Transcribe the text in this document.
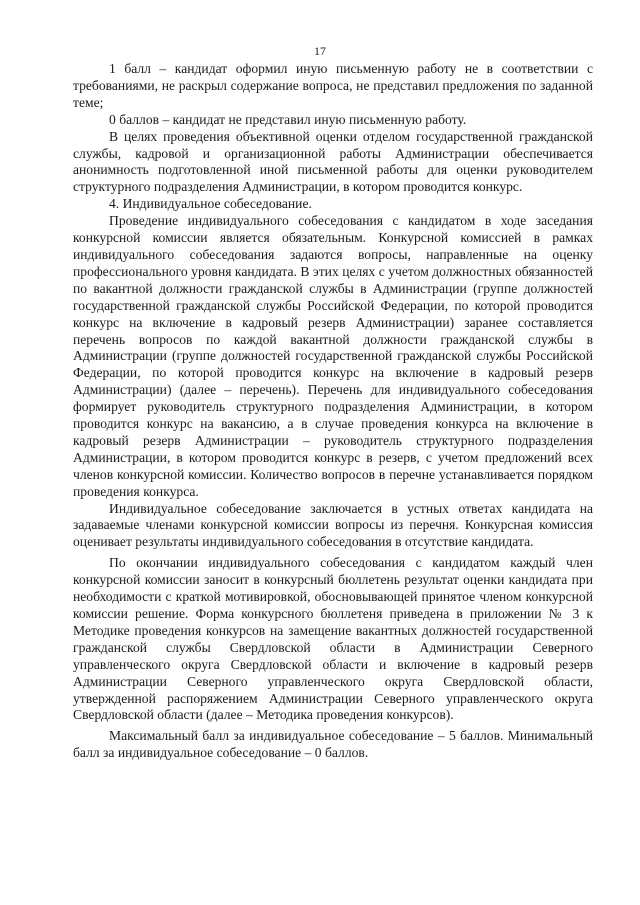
17

1 балл – кандидат оформил иную письменную работу не в соответствии с требованиями, не раскрыл содержание вопроса, не представил предложения по заданной теме;

0 баллов – кандидат не представил иную письменную работу.

В целях проведения объективной оценки отделом государственной гражданской службы, кадровой и организационной работы Администрации обеспечивается анонимность подготовленной иной письменной работы для оценки руководителем структурного подразделения Администрации, в котором проводится конкурс.

4. Индивидуальное собеседование.

Проведение индивидуального собеседования с кандидатом в ходе заседания конкурсной комиссии является обязательным. Конкурсной комиссией в рамках индивидуального собеседования задаются вопросы, направленные на оценку профессионального уровня кандидата. В этих целях с учетом должностных обязанностей по вакантной должности гражданской службы в Администрации (группе должностей государственной гражданской службы Российской Федерации, по которой проводится конкурс на включение в кадровый резерв Администрации) заранее составляется перечень вопросов по каждой вакантной должности гражданской службы в Администрации (группе должностей государственной гражданской службы Российской Федерации, по которой проводится конкурс на включение в кадровый резерв Администрации) (далее – перечень). Перечень для индивидуального собеседования формирует руководитель структурного подразделения Администрации, в котором проводится конкурс на вакансию, а в случае проведения конкурса на включение в кадровый резерв Администрации – руководитель структурного подразделения Администрации, в котором проводится конкурс в резерв, с учетом предложений всех членов конкурсной комиссии. Количество вопросов в перечне устанавливается порядком проведения конкурса.

Индивидуальное собеседование заключается в устных ответах кандидата на задаваемые членами конкурсной комиссии вопросы из перечня. Конкурсная комиссия оценивает результаты индивидуального собеседования в отсутствие кандидата.

По окончании индивидуального собеседования с кандидатом каждый член конкурсной комиссии заносит в конкурсный бюллетень результат оценки кандидата при необходимости с краткой мотивировкой, обосновывающей принятое членом конкурсной комиссии решение. Форма конкурсного бюллетеня приведена в приложении № 3 к Методике проведения конкурсов на замещение вакантных должностей государственной гражданской службы Свердловской области в Администрации Северного управленческого округа Свердловской области и включение в кадровый резерв Администрации Северного управленческого округа Свердловской области, утвержденной распоряжением Администрации Северного управленческого округа Свердловской области (далее – Методика проведения конкурсов).

Максимальный балл за индивидуальное собеседование – 5 баллов. Минимальный балл за индивидуальное собеседование – 0 баллов.
